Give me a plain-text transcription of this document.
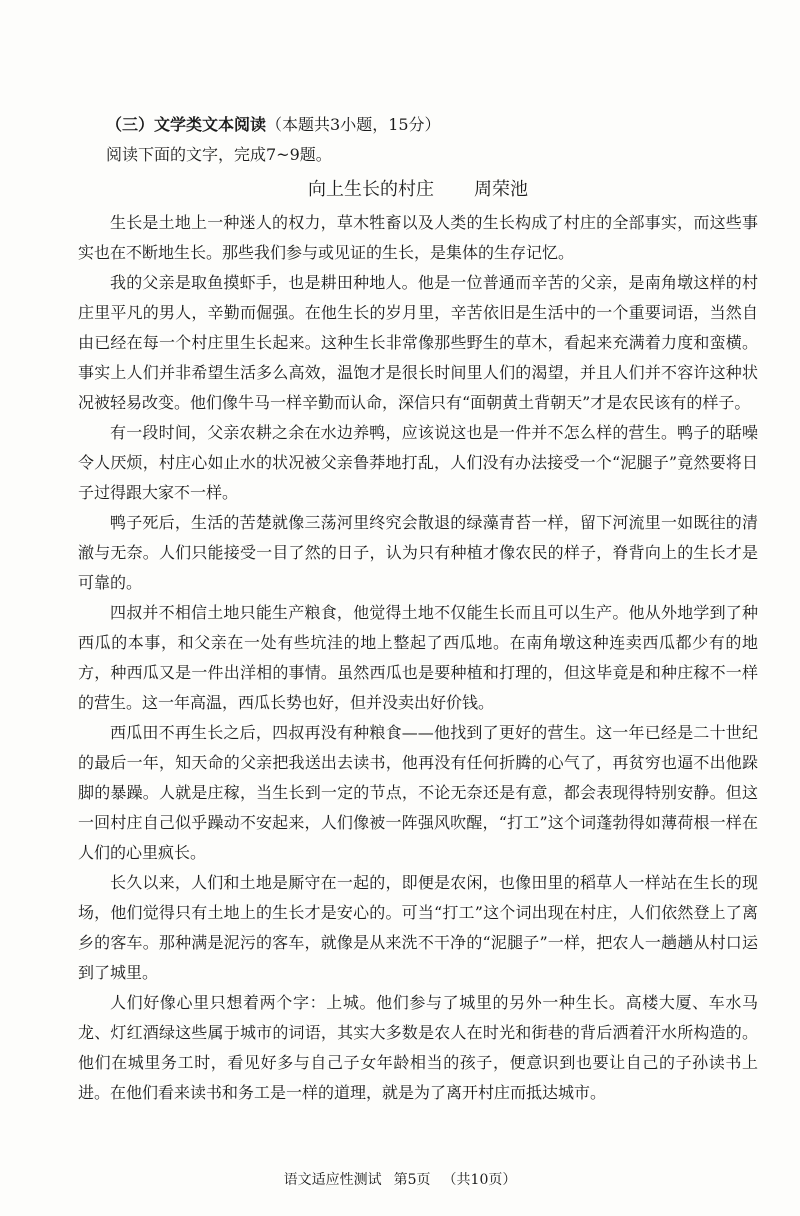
（三）文学类文本阅读（本题共3小题，15分）
阅读下面的文字，完成7~9题。
向上生长的村庄 周荣池

生长是土地上一种迷人的权力，草木牲畜以及人类的生长构成了村庄的全部事实，而这些事实也在不断地生长。那些我们参与或见证的生长，是集体的生存记忆。

我的父亲是取鱼摸虾手，也是耕田种地人。他是一位普通而辛苦的父亲，是南角墩这样的村庄里平凡的男人，辛勤而倔强。在他生长的岁月里，辛苦依旧是生活中的一个重要词语，当然自由已经在每一个村庄里生长起来。这种生长非常像那些野生的草木，看起来充满着力度和蛮横。事实上人们并非希望生活多么高效，温饱才是很长时间里人们的渴望，并且人们并不容许这种状况被轻易改变。他们像牛马一样辛勤而认命，深信只有“面朝黄土背朝天”才是农民该有的样子。

有一段时间，父亲农耕之余在水边养鸭，应该说这也是一件并不怎么样的营生。鸭子的聒噪令人厌烦，村庄心如止水的状况被父亲鲁莽地打乱，人们没有办法接受一个“泥腿子”竟然要将日子过得跟大家不一样。

鸭子死后，生活的苦楚就像三荡河里终究会散退的绿藻青苔一样，留下河流里一如既往的清澈与无奈。人们只能接受一目了然的日子，认为只有种植才像农民的样子，脊背向上的生长才是可靠的。

四叔并不相信土地只能生产粮食，他觉得土地不仅能生长而且可以生产。他从外地学到了种西瓜的本事，和父亲在一处有些坑洼的地上整起了西瓜地。在南角墩这种连卖西瓜都少有的地方，种西瓜又是一件出洋相的事情。虽然西瓜也是要种植和打理的，但这毕竟是和种庄稼不一样的营生。这一年高温，西瓜长势也好，但并没卖出好价钱。

西瓜田不再生长之后，四叔再没有种粮食——他找到了更好的营生。这一年已经是二十世纪的最后一年，知天命的父亲把我送出去读书，他再没有任何折腾的心气了，再贫穷也逼不出他跺脚的暴躁。人就是庄稼，当生长到一定的节点，不论无奈还是有意，都会表现得特别安静。但这一回村庄自己似乎躁动不安起来，人们像被一阵强风吹醒，“打工”这个词蓬勃得如薄荷根一样在人们的心里疯长。

长久以来，人们和土地是厮守在一起的，即便是农闲，也像田里的稻草人一样站在生长的现场，他们觉得只有土地上的生长才是安心的。可当“打工”这个词出现在村庄，人们依然登上了离乡的客车。那种满是泥污的客车，就像是从来洗不干净的“泥腿子”一样，把农人一趟趟从村口运到了城里。

人们好像心里只想着两个字：上城。他们参与了城里的另外一种生长。高楼大厦、车水马龙、灯红酒绿这些属于城市的词语，其实大多数是农人在时光和街巷的背后洒着汗水所构造的。他们在城里务工时，看见好多与自己子女年龄相当的孩子，便意识到也要让自己的子孙读书上进。在他们看来读书和务工是一样的道理，就是为了离开村庄而抵达城市。

语文适应性测试 第5页 （共10页）
